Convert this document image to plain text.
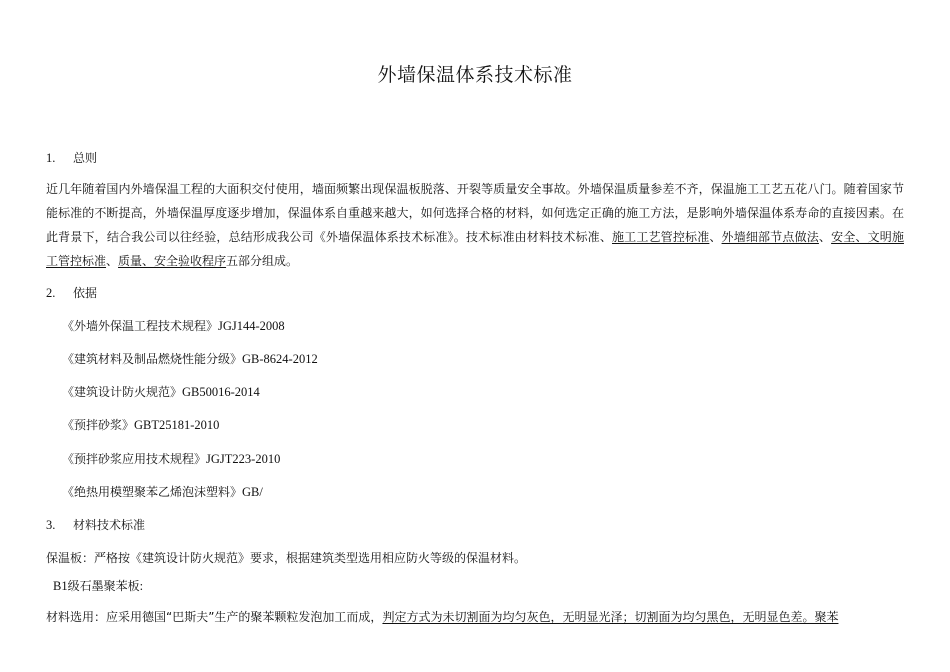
外墙保温体系技术标准
1. 总则
近几年随着国内外墙保温工程的大面积交付使用，墙面频繁出现保温板脱落、开裂等质量安全事故。外墙保温质量参差不齐，保温施工工艺五花八门。随着国家节能标准的不断提高，外墙保温厚度逐步增加，保温体系自重越来越大，如何选择合格的材料，如何选定正确的施工方法，是影响外墙保温体系寿命的直接因素。在此背景下，结合我公司以往经验，总结形成我公司《外墙保温体系技术标准》。技术标准由材料技术标准、施工工艺管控标准、外墙细部节点做法、安全、文明施工管控标准、质量、安全验收程序五部分组成。
2. 依据
《外墙外保温工程技术规程》JGJ144-2008
《建筑材料及制品燃烧性能分级》GB-8624-2012
《建筑设计防火规范》GB50016-2014
《预拌砂浆》GBT25181-2010
《预拌砂浆应用技术规程》JGJT223-2010
《绝热用模塑聚苯乙烯泡沫塑料》GB/
3. 材料技术标准
保温板：严格按《建筑设计防火规范》要求，根据建筑类型选用相应防火等级的保温材料。
B1级石墨聚苯板:
材料选用：应采用德国“巴斯夫”生产的聚苯颗粒发泡加工而成，判定方式为未切割面为均匀灰色，无明显光泽；切割面为均匀黑色，无明显色差。聚苯
